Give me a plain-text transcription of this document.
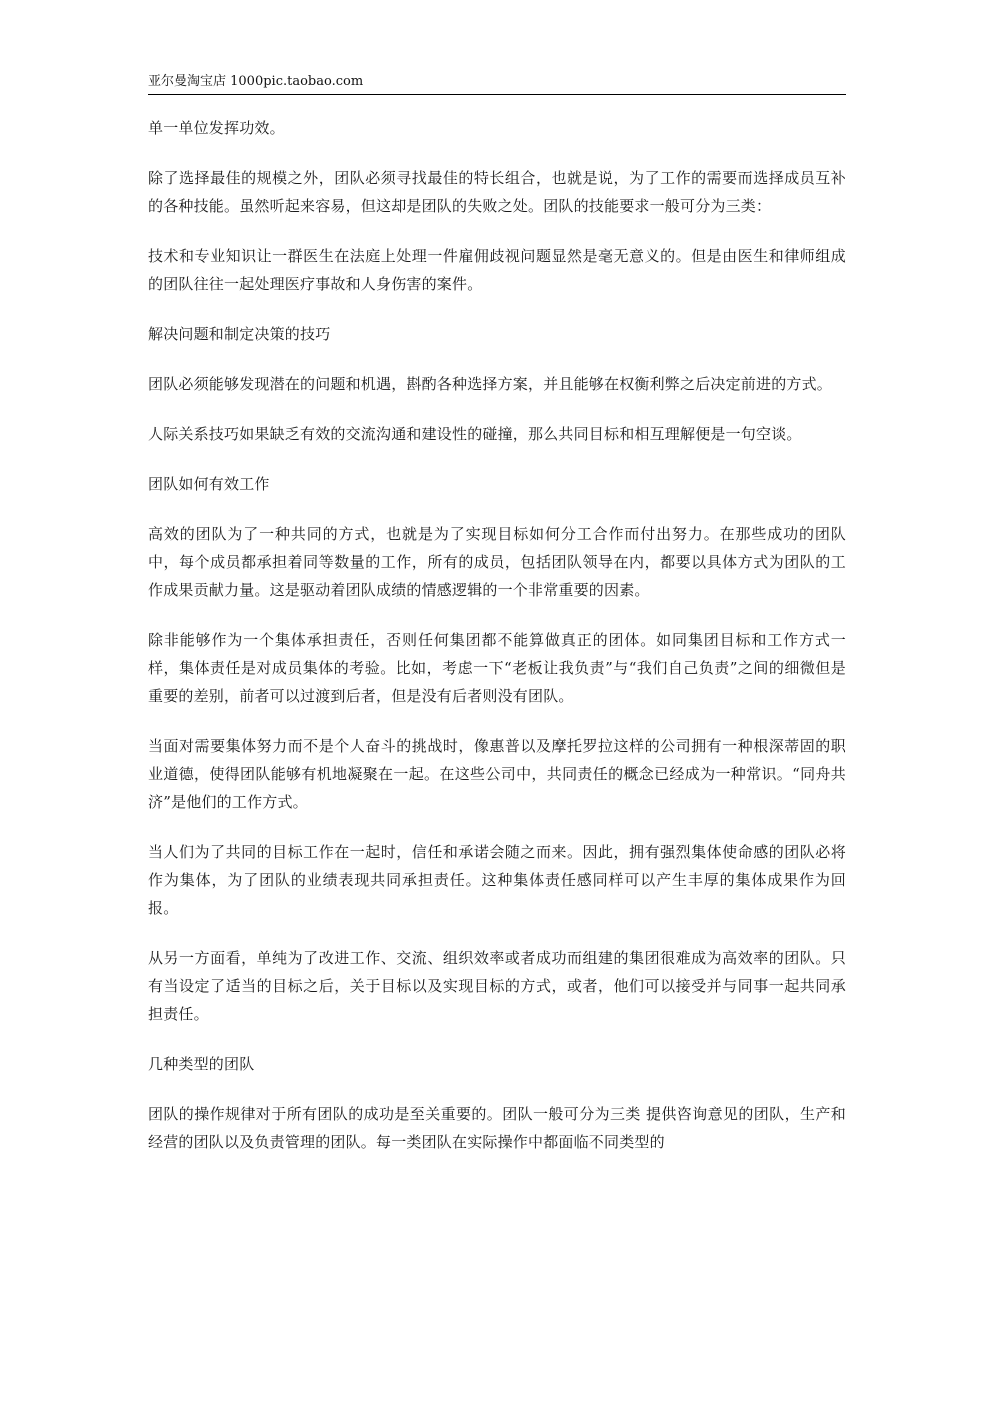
亚尔曼淘宝店 1000pic.taobao.com

单一单位发挥功效。

除了选择最佳的规模之外，团队必须寻找最佳的特长组合，也就是说，为了工作的需要而选择成员互补的各种技能。虽然听起来容易，但这却是团队的失败之处。团队的技能要求一般可分为三类：

技术和专业知识让一群医生在法庭上处理一件雇佣歧视问题显然是毫无意义的。但是由医生和律师组成的团队往往一起处理医疗事故和人身伤害的案件。

解决问题和制定决策的技巧

团队必须能够发现潜在的问题和机遇，斟酌各种选择方案，并且能够在权衡利弊之后决定前进的方式。

人际关系技巧如果缺乏有效的交流沟通和建设性的碰撞，那么共同目标和相互理解便是一句空谈。

团队如何有效工作

高效的团队为了一种共同的方式，也就是为了实现目标如何分工合作而付出努力。在那些成功的团队中，每个成员都承担着同等数量的工作，所有的成员，包括团队领导在内，都要以具体方式为团队的工作成果贡献力量。这是驱动着团队成绩的情感逻辑的一个非常重要的因素。

除非能够作为一个集体承担责任，否则任何集团都不能算做真正的团体。如同集团目标和工作方式一样，集体责任是对成员集体的考验。比如，考虑一下“老板让我负责”与“我们自己负责”之间的细微但是重要的差别，前者可以过渡到后者，但是没有后者则没有团队。

当面对需要集体努力而不是个人奋斗的挑战时，像惠普以及摩托罗拉这样的公司拥有一种根深蒂固的职业道德，使得团队能够有机地凝聚在一起。在这些公司中，共同责任的概念已经成为一种常识。“同舟共济”是他们的工作方式。

当人们为了共同的目标工作在一起时，信任和承诺会随之而来。因此，拥有强烈集体使命感的团队必将作为集体，为了团队的业绩表现共同承担责任。这种集体责任感同样可以产生丰厚的集体成果作为回报。

从另一方面看，单纯为了改进工作、交流、组织效率或者成功而组建的集团很难成为高效率的团队。只有当设定了适当的目标之后，关于目标以及实现目标的方式，或者，他们可以接受并与同事一起共同承担责任。

几种类型的团队

团队的操作规律对于所有团队的成功是至关重要的。团队一般可分为三类 提供咨询意见的团队，生产和经营的团队以及负责管理的团队。每一类团队在实际操作中都面临不同类型的
